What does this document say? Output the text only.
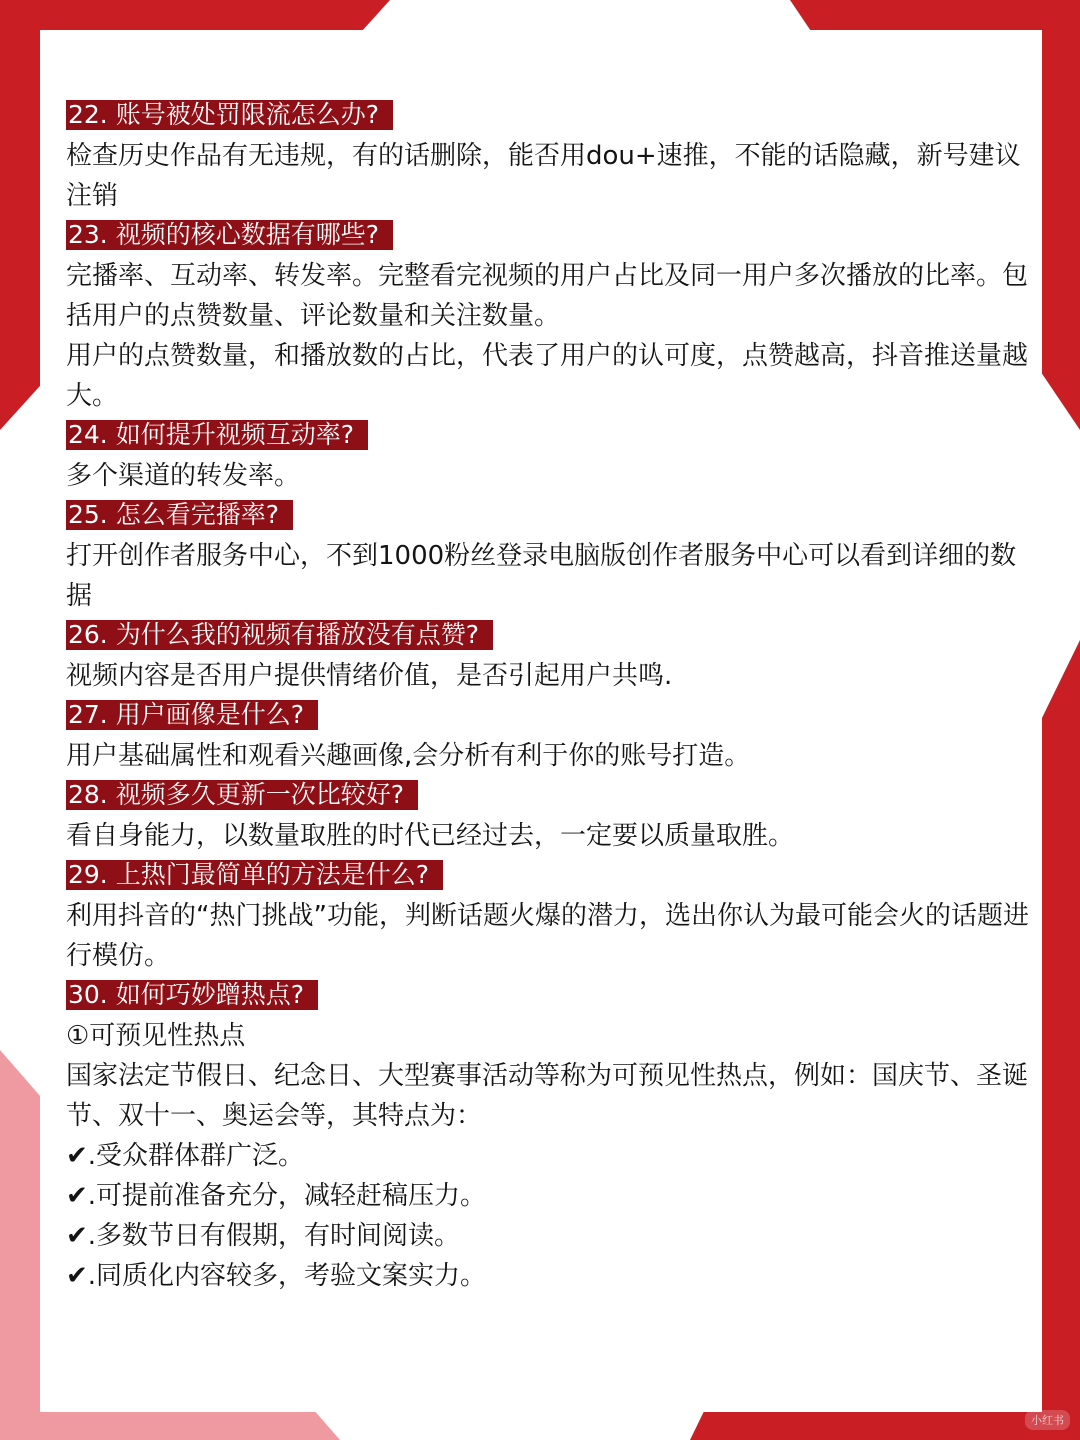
22. 账号被处罚限流怎么办?

检查历史作品有无违规，有的话删除，能否用dou+速推，不能的话隐藏，新号建议注销

23. 视频的核心数据有哪些?

完播率、互动率、转发率。完整看完视频的用户占比及同一用户多次播放的比率。包括用户的点赞数量、评论数量和关注数量。

用户的点赞数量，和播放数的占比，代表了用户的认可度，点赞越高，抖音推送量越大。

24. 如何提升视频互动率?

多个渠道的转发率。

25. 怎么看完播率?

打开创作者服务中心，不到1000粉丝登录电脑版创作者服务中心可以看到详细的数据

26. 为什么我的视频有播放没有点赞?

视频内容是否用户提供情绪价值，是否引起用户共鸣.

27. 用户画像是什么?

用户基础属性和观看兴趣画像,会分析有利于你的账号打造。

28. 视频多久更新一次比较好?

看自身能力，以数量取胜的时代已经过去，一定要以质量取胜。

29. 上热门最简单的方法是什么?

利用抖音的“热门挑战”功能，判断话题火爆的潜力，选出你认为最可能会火的话题进行模仿。

30. 如何巧妙蹭热点?

①可预见性热点

国家法定节假日、纪念日、大型赛事活动等称为可预见性热点，例如：国庆节、圣诞节、双十一、奥运会等，其特点为：

✔.受众群体群广泛。

✔.可提前准备充分，减轻赶稿压力。

✔.多数节日有假期，有时间阅读。

✔.同质化内容较多，考验文案实力。

小红书
